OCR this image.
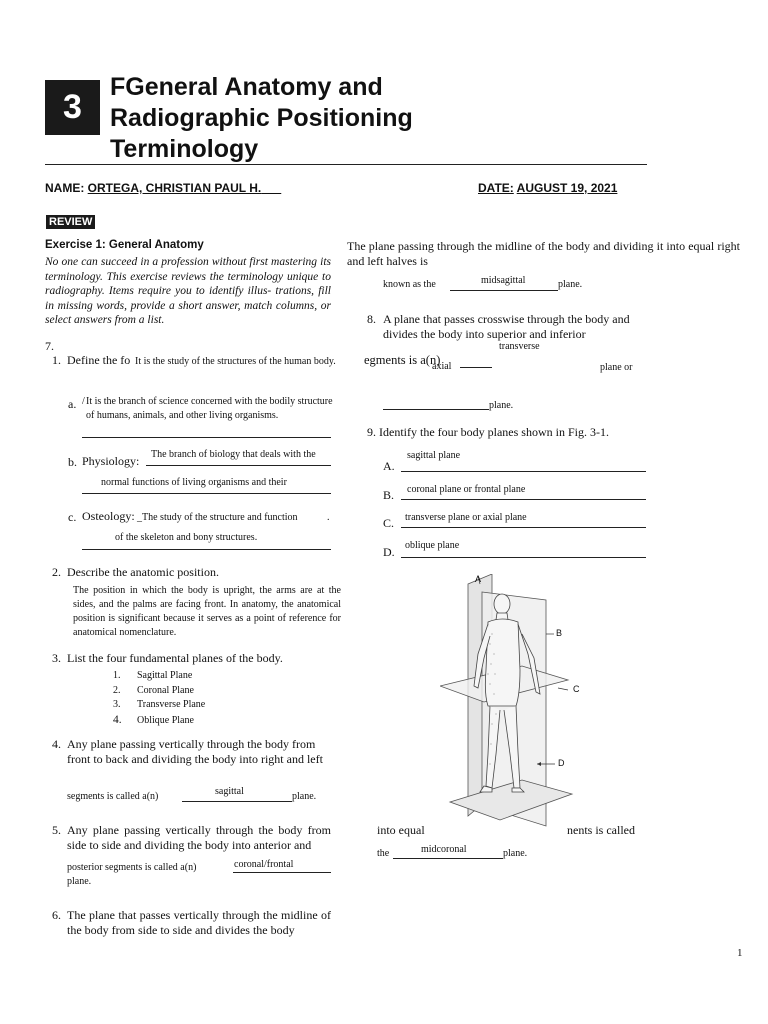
3
FGeneral Anatomy and
Radiographic Positioning
Terminology
NAME: ORTEGA, CHRISTIAN PAUL H.	DATE: AUGUST 19, 2021
REVIEW
Exercise 1: General Anatomy
No one can succeed in a profession without first mastering its terminology. This exercise reviews the terminology unique to radiography. Items require you to identify illus- trations, fill in missing words, provide a short answer, match columns, or select answers from a list.
7.
1. Define the fo It is the study of the structures of the human body.
a. / It is the branch of science concerned with the bodily structure
of humans, animals, and other living organisms.
b. Physiology: The branch of biology that deals with the
normal functions of living organisms and their
c. Osteology: _The study of the structure and function	.
of the skeleton and bony structures.
2. Describe the anatomic position.
The position in which the body is upright, the arms are at the sides, and the palms are facing front. In anatomy, the anatomical position is significant because it serves as a point of reference for anatomical nomenclature.
3. List the four fundamental planes of the body.
1. Sagittal Plane
2. Coronal Plane
3. Transverse Plane
4. Oblique Plane
4. Any plane passing vertically through the body from front to back and dividing the body into right and left
segments is called a(n)	sagittal	plane.
5. Any plane passing vertically through the body from side to side and dividing the body into anterior and
posterior segments is called a(n)	coronal/frontal
plane.
6. The plane that passes vertically through the midline of the body from side to side and divides the body
into equal	nents is called
the	midcoronal	plane.
The plane passing through the midline of the body and dividing it into equal right and left halves is
known as the	midsagittal	plane.
8. A plane that passes crosswise through the body and divides the body into superior and inferior
transverse
egments is a(n)
axial	plane or
plane.
9. Identify the four body planes shown in Fig. 3-1.
A.
sagittal plane
B. coronal plane or frontal plane
C. transverse plane or axial plane
D. oblique plane
A
B
C
D
1
